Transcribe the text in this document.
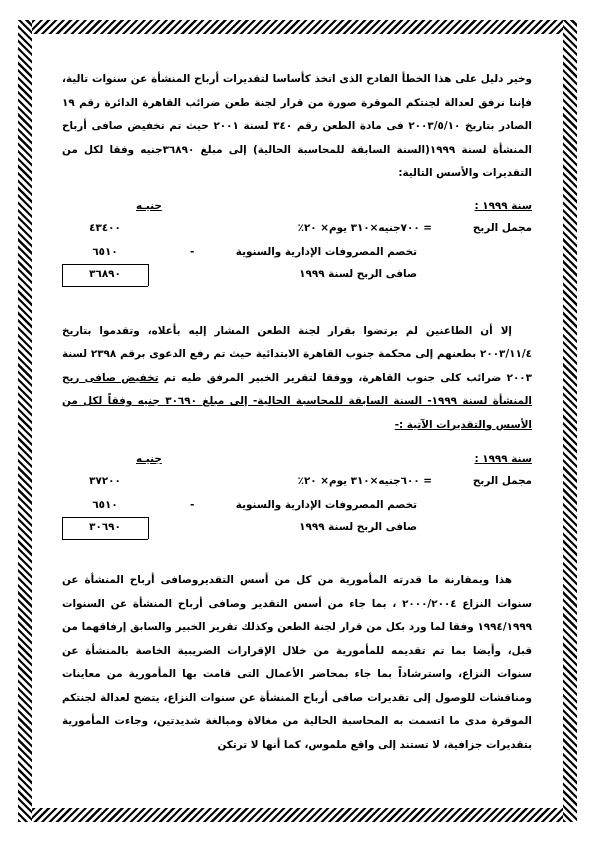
وخير دليل على هذا الخطأ الفادح الذى اتخذ كأساسا لتقديرات أرباح المنشأة عن سنوات تالية، فإننا نرفق لعدالة لجنتكم الموقرة صورة من قرار لجنة طعن ضرائب القاهرة الدائرة رقم ١٩ الصادر بتاريخ ٢٠٠٣/٥/١٠ فى مادة الطعن رقم ٣٤٠ لسنة ٢٠٠١ حيث تم تخفيض صافى أرباح المنشأة لسنة ١٩٩٩(السنة السابقة للمحاسبة الحالية) إلى مبلغ ٣٦٨٩٠جنيه وفقا لكل من التقديرات والأسس التالية:

سنة ١٩٩٩ :
جنيـه
مجمل الربح
= ٧٠٠جنيه×٣١٠ يوم× ٢٠٪
٤٣٤٠٠
تخصم المصروفات الإدارية والسنوية
-
٦٥١٠
صافى الربح لسنة ١٩٩٩
٣٦٨٩٠

إلا أن الطاعنين لم يرتضوا بقرار لجنة الطعن المشار إليه بأعلاه، وتقدموا بتاريخ ٢٠٠٣/١١/٤ بطعنهم إلى محكمة جنوب القاهرة الابتدائية حيث تم رفع الدعوى برقم ٢٣٩٨ لسنة ٢٠٠٣ ضرائب كلى جنوب القاهرة، ووفقا لتقرير الخبير المرفق طيه تم تخفيض صافى ربح المنشأة لسنة ١٩٩٩- السنة السابقة للمحاسبة الحالية- إلى مبلغ ٣٠٦٩٠ جنيه وفقاً لكل من الأسس والتقديرات الآتية :-

سنة ١٩٩٩ :
جنيـه
مجمل الربح
= ٦٠٠جنيه×٣١٠ يوم× ٢٠٪
٣٧٢٠٠
تخصم المصروفات الإدارية والسنوية
-
٦٥١٠
صافى الربح لسنة ١٩٩٩
٣٠٦٩٠

هذا وبمقارنة ما قدرته المأمورية من كل من أسس التقديروصافى أرباح المنشأة عن سنوات النزاع ٢٠٠٠/٢٠٠٤ ، بما جاء من أسس التقدير وصافى أرباح المنشأة عن السنوات ١٩٩٤/١٩٩٩ وفقا لما ورد بكل من قرار لجنة الطعن وكذلك تقرير الخبير والسابق إرفاقهما من قبل، وأيضا بما تم تقديمه للمأمورية من خلال الإقرارات الضريبية الخاصة بالمنشأة عن سنوات النزاع، واسترشاداً بما جاء بمحاضر الأعمال التى قامت بها المأمورية من معاينات ومناقشات للوصول إلى تقديرات صافى أرباح المنشأة عن سنوات النزاع، يتضح لعدالة لجنتكم الموقرة مدى ما اتسمت به المحاسبة الحالية من مغالاة ومبالغة شديدتين، وجاءت المأمورية بتقديرات جزافية، لا تستند إلى واقع ملموس، كما أنها لا ترتكن
